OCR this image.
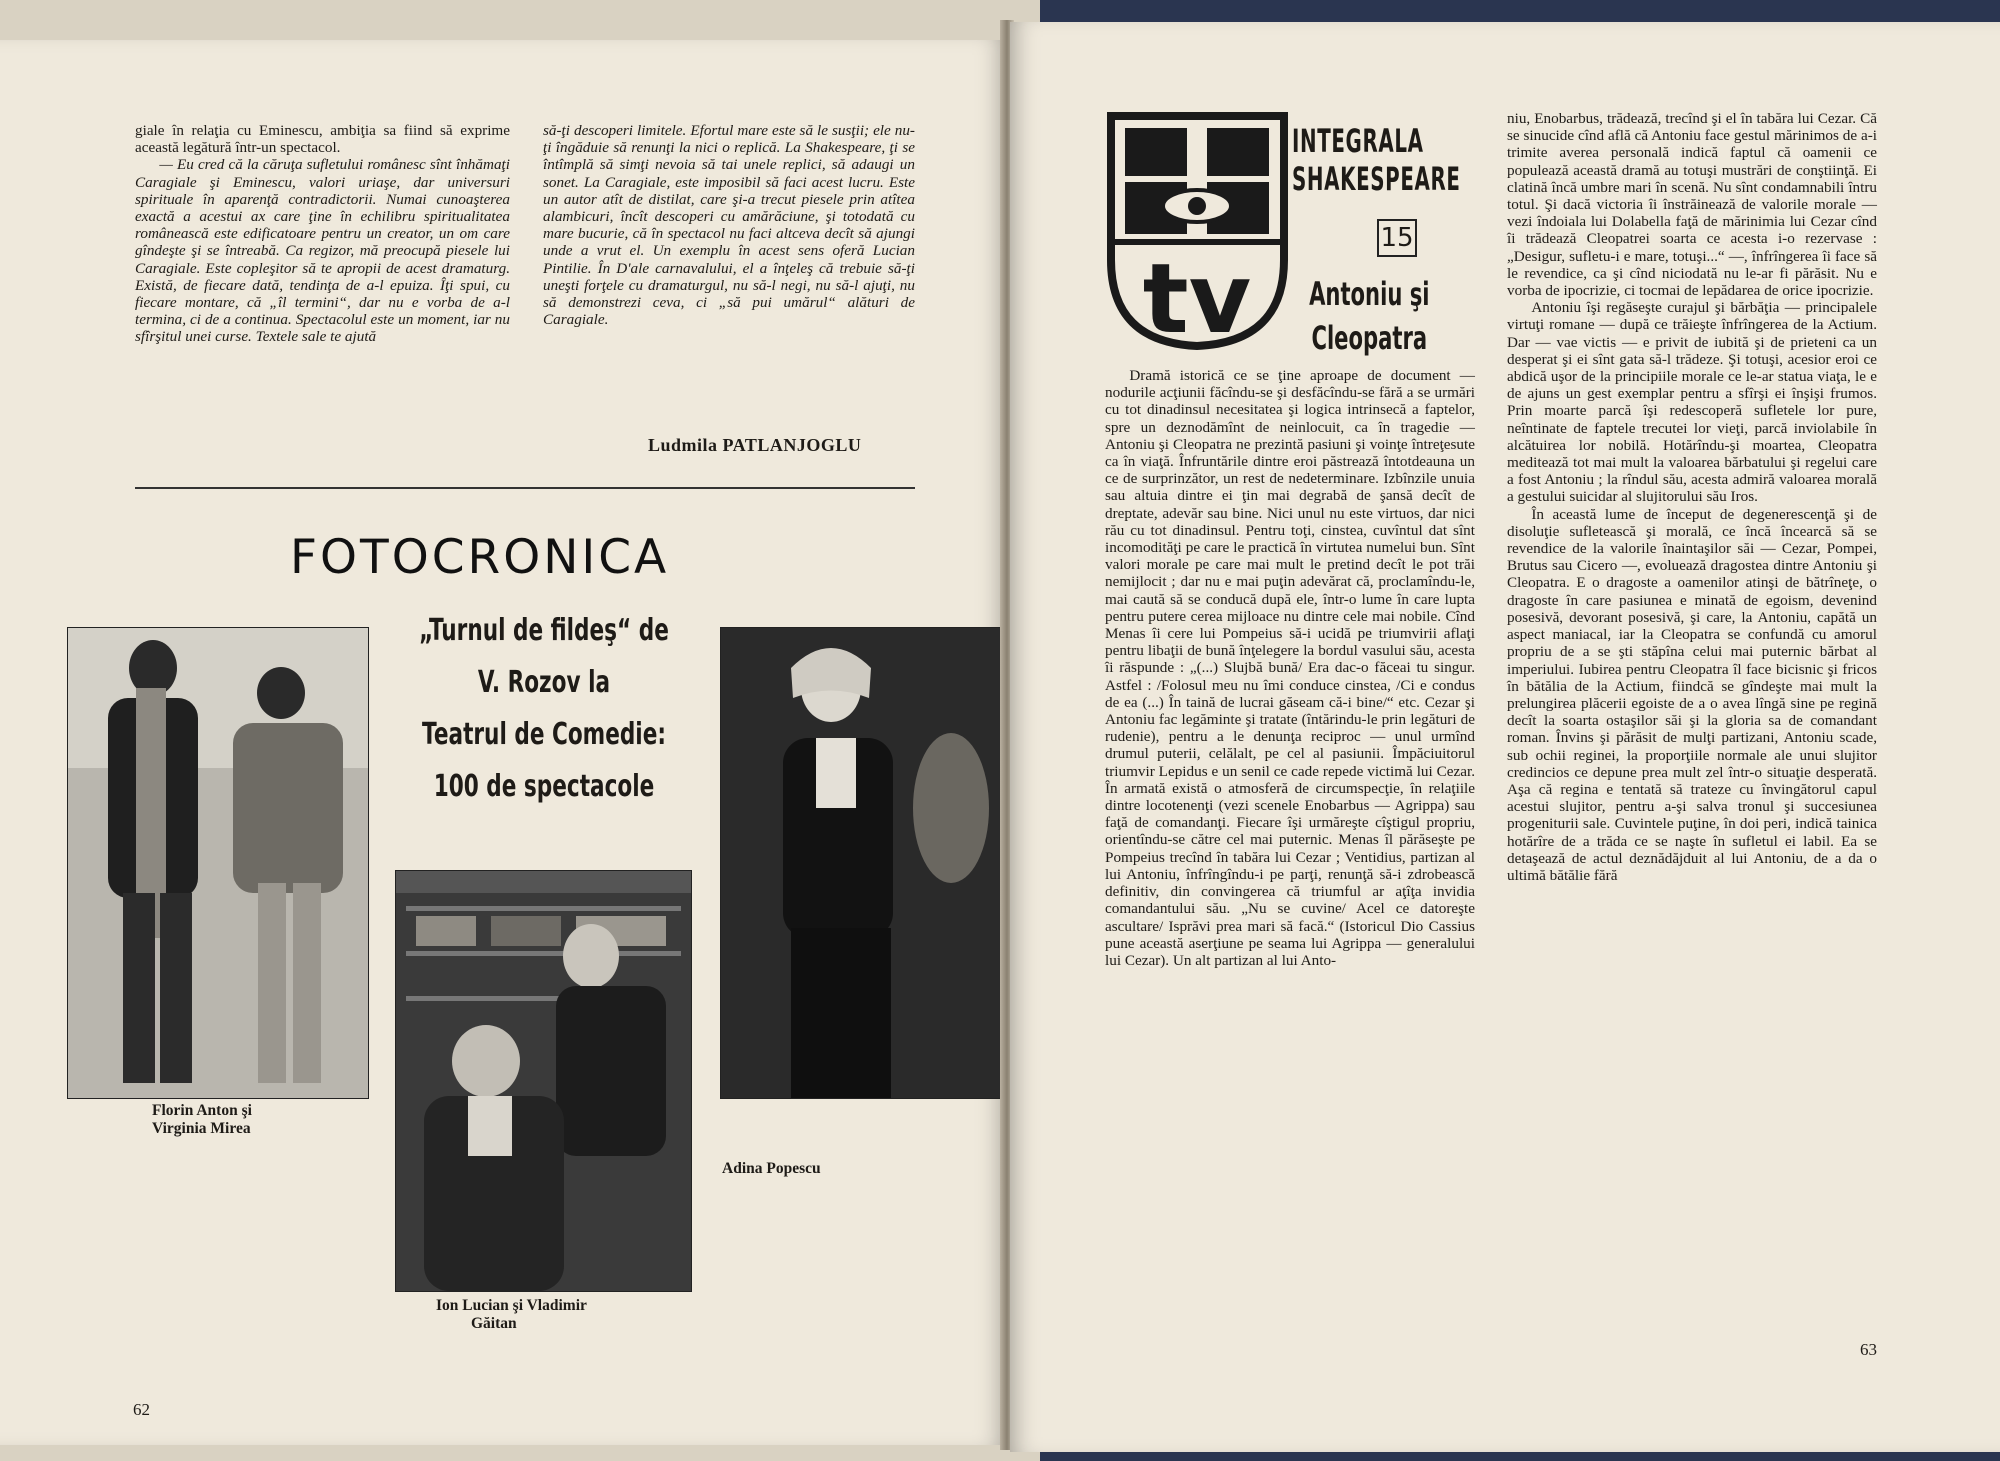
giale în relaţia cu Eminescu, ambiţia sa fiind să exprime această legătură într-un spectacol.

— Eu cred că la căruţa sufletului românesc sînt înhămaţi Caragiale şi Eminescu, valori uriaşe, dar universuri spirituale în aparenţă contradictorii. Numai cunoaşterea exactă a acestui ax care ţine în echilibru spiritualitatea românească este edificatoare pentru un creator, un om care gîndeşte şi se întreabă. Ca regizor, mă preocupă piesele lui Caragiale. Este copleşitor să te apropii de acest dramaturg. Există, de fiecare dată, tendinţa de a-l epuiza. Îţi spui, cu fiecare montare, că „îl termini“, dar nu e vorba de a-l termina, ci de a continua. Spectacolul este un moment, iar nu sfîrşitul unei curse. Textele sale te ajută

să-ţi descoperi limitele. Efortul mare este să le susţii; ele nu-ţi îngăduie să renunţi la nici o replică. La Shakespeare, ţi se întîmplă să simţi nevoia să tai unele replici, să adaugi un sonet. La Caragiale, este imposibil să faci acest lucru. Este un autor atît de distilat, care şi-a trecut piesele prin atîtea alambicuri, încît descoperi cu amărăciune, şi totodată cu mare bucurie, că în spectacol nu faci altceva decît să ajungi unde a vrut el. Un exemplu în acest sens oferă Lucian Pintilie. În D'ale carnavalului, el a înţeleş că trebuie să-ţi uneşti forţele cu dramaturgul, nu să-l negi, nu să-l ajuţi, nu să demonstrezi ceva, ci „să pui umărul“ alături de Caragiale.

Ludmila PATLANJOGLU
FOTOCRONICA
Florin Anton şi
Virginia Mirea
„Turnul de fildeş“ de
V. Rozov la
Teatrul de Comedie:
100 de spectacole
Ion Lucian şi Vladimir
Găitan
Adina Popescu
62
tv
INTEGRALA
SHAKESPEARE
15
Antoniu şi
Cleopatra

Dramă istorică ce se ţine aproape de document — nodurile acţiunii făcîndu-se şi desfăcîndu-se fără a se urmări cu tot dinadinsul necesitatea şi logica intrinsecă a faptelor, spre un deznodămînt de neinlocuit, ca în tragedie — Antoniu şi Cleopatra ne prezintă pasiuni şi voinţe întreţesute ca în viaţă. Înfruntările dintre eroi păstrează întotdeauna un ce de surprinzător, un rest de nedeterminare. Izbînzile unuia sau altuia dintre ei ţin mai degrabă de şansă decît de dreptate, adevăr sau bine. Nici unul nu este virtuos, dar nici rău cu tot dinadinsul. Pentru toţi, cinstea, cuvîntul dat sînt incomodităţi pe care le practică în virtutea numelui bun. Sînt valori morale pe care mai mult le pretind decît le pot trăi nemijlocit ; dar nu e mai puţin adevărat că, proclamîndu-le, mai caută să se conducă după ele, într-o lume în care lupta pentru putere cerea mijloace nu dintre cele mai nobile. Cînd Menas îi cere lui Pompeius să-i ucidă pe triumvirii aflaţi pentru libaţii de bună înţelegere la bordul vasului său, acesta îi răspunde : „(...) Slujbă bună/ Era dac-o făceai tu singur. Astfel : /Folosul meu nu îmi conduce cinstea, /Ci e condus de ea (...) În taină de lucrai găseam că-i bine/“ etc. Cezar şi Antoniu fac legăminte şi tratate (întărindu-le prin legături de rudenie), pentru a le denunţa reciproc — unul urmînd drumul puterii, celălalt, pe cel al pasiunii. Împăciuitorul triumvir Lepidus e un senil ce cade repede victimă lui Cezar. În armată există o atmosferă de circumspecţie, în relaţiile dintre locotenenţi (vezi scenele Enobarbus — Agrippa) sau faţă de comandanţi. Fiecare îşi urmăreşte cîştigul propriu, orientîndu-se către cel mai puternic. Menas îl părăseşte pe Pompeius trecînd în tabăra lui Cezar ; Ventidius, partizan al lui Antoniu, înfrîngîndu-i pe parţi, renunţă să-i zdrobească definitiv, din convingerea că triumful ar aţîţa invidia comandantului său. „Nu se cuvine/ Acel ce datoreşte ascultare/ Isprăvi prea mari să facă.“ (Istoricul Dio Cassius pune această aserţiune pe seama lui Agrippa — generalului lui Cezar). Un alt partizan al lui Anto-

niu, Enobarbus, trădează, trecînd şi el în tabăra lui Cezar. Că se sinucide cînd află că Antoniu face gestul mărinimos de a-i trimite averea personală indică faptul că oamenii ce populează această dramă au totuşi mustrări de conştiinţă. Ei clatină încă umbre mari în scenă. Nu sînt condamnabili întru totul. Şi dacă victoria îi înstrăinează de valorile morale — vezi îndoiala lui Dolabella faţă de mărinimia lui Cezar cînd îi trădează Cleopatrei soarta ce acesta i-o rezervase : „Desigur, sufletu-i e mare, totuşi...“ —, înfrîngerea îi face să le revendice, ca şi cînd niciodată nu le-ar fi părăsit. Nu e vorba de ipocrizie, ci tocmai de lepădarea de orice ipocrizie.

Antoniu îşi regăseşte curajul şi bărbăţia — principalele virtuţi romane — după ce trăieşte înfrîngerea de la Actium. Dar — vae victis — e privit de iubită şi de prieteni ca un desperat şi ei sînt gata să-l trădeze. Şi totuşi, acesior eroi ce abdică uşor de la principiile morale ce le-ar statua viaţa, le e de ajuns un gest exemplar pentru a sfîrşi ei înşişi frumos. Prin moarte parcă îşi redescoperă sufletele lor pure, neîntinate de faptele trecutei lor vieţi, parcă inviolabile în alcătuirea lor nobilă. Hotărîndu-şi moartea, Cleopatra meditează tot mai mult la valoarea bărbatului şi regelui care a fost Antoniu ; la rîndul său, acesta admiră valoarea morală a gestului suicidar al slujitorului său Iros.

În această lume de început de degenerescenţă şi de disoluţie sufletească şi morală, ce încă încearcă să se revendice de la valorile înaintaşilor săi — Cezar, Pompei, Brutus sau Cicero —, evoluează dragostea dintre Antoniu şi Cleopatra. E o dragoste a oamenilor atinşi de bătrîneţe, o dragoste în care pasiunea e minată de egoism, devenind posesivă, devorant posesivă, şi care, la Antoniu, capătă un aspect maniacal, iar la Cleopatra se confundă cu amorul propriu de a se şti stăpîna celui mai puternic bărbat al imperiului. Iubirea pentru Cleopatra îl face bicisnic şi fricos în bătălia de la Actium, fiindcă se gîndeşte mai mult la prelungirea plăcerii egoiste de a o avea lîngă sine pe regină decît la soarta ostaşilor săi şi la gloria sa de comandant roman. Învins şi părăsit de mulţi partizani, Antoniu scade, sub ochii reginei, la proporţiile normale ale unui slujitor credincios ce depune prea mult zel într-o situaţie desperată. Aşa că regina e tentată să trateze cu învingătorul capul acestui slujitor, pentru a-şi salva tronul şi succesiunea progeniturii sale. Cuvintele puţine, în doi peri, indică tainica hotărîre de a trăda ce se naşte în sufletul ei labil. Ea se detaşează de actul deznădăjduit al lui Antoniu, de a da o ultimă bătălie fără

63
